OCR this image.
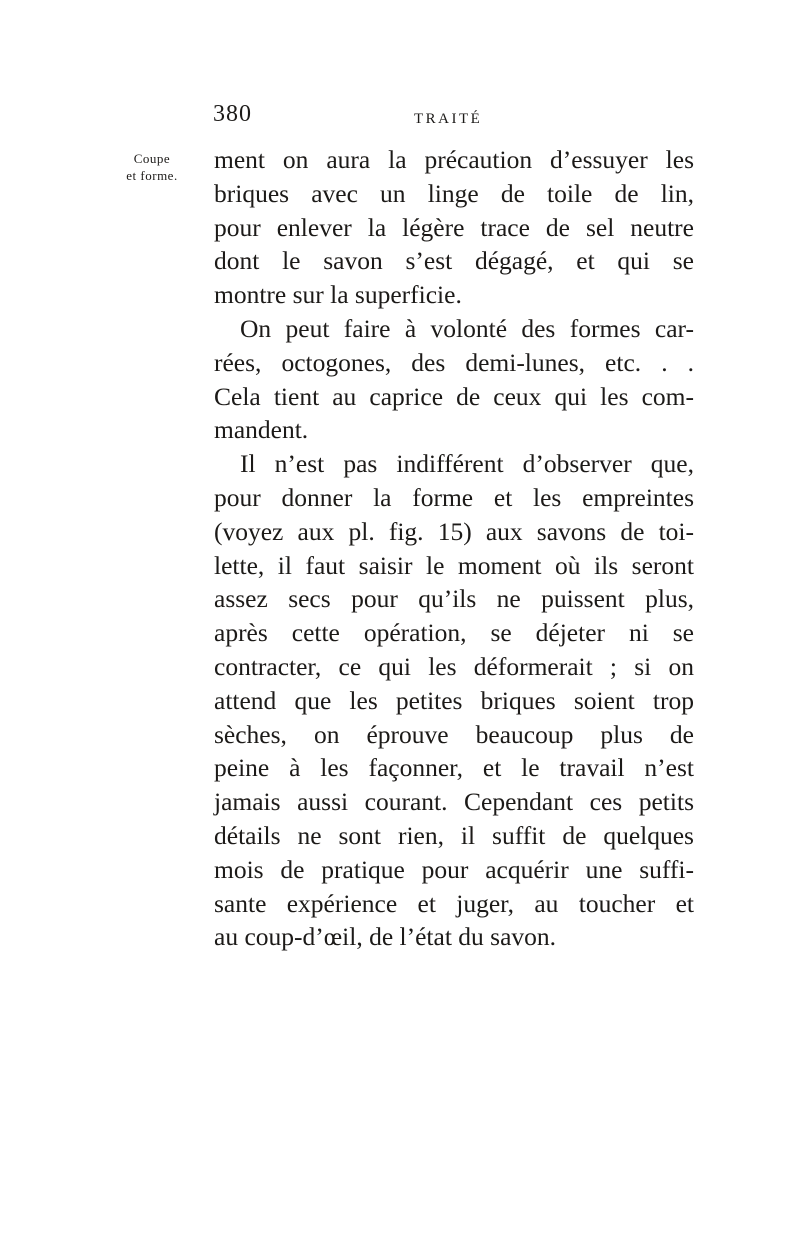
380	TRAITÉ
Coupe
et forme.
ment on aura la précaution d’essuyer les
briques avec un linge de toile de lin,
pour enlever la légère trace de sel neutre
dont le savon s’est dégagé, et qui se
montre sur la superficie.
On peut faire à volonté des formes car-
rées, octogones, des demi-lunes, etc. . .
Cela tient au caprice de ceux qui les com-
mandent.
Il n’est pas indifférent d’observer que,
pour donner la forme et les empreintes
(voyez aux pl. fig. 15) aux savons de toi-
lette, il faut saisir le moment où ils seront
assez secs pour qu’ils ne puissent plus,
après cette opération, se déjeter ni se
contracter, ce qui les déformerait ; si on
attend que les petites briques soient trop
sèches, on éprouve beaucoup plus de
peine à les façonner, et le travail n’est
jamais aussi courant. Cependant ces petits
détails ne sont rien, il suffit de quelques
mois de pratique pour acquérir une suffi-
sante expérience et juger, au toucher et
au coup-d’œil, de l’état du savon.
